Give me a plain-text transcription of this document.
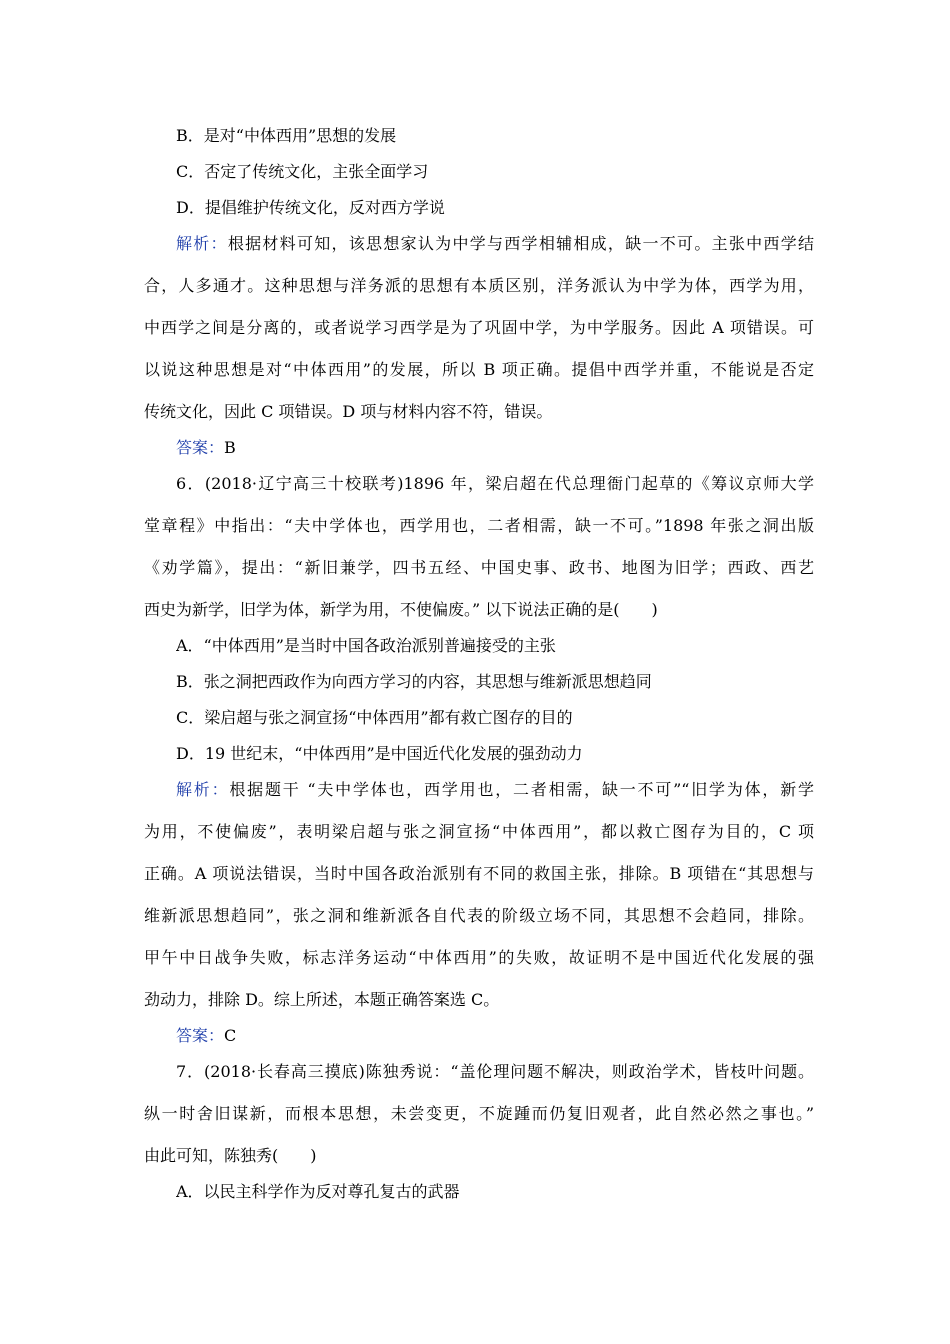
B．是对“中体西用”思想的发展
C．否定了传统文化，主张全面学习
D．提倡维护传统文化，反对西方学说
解析：根据材料可知，该思想家认为中学与西学相辅相成，缺一不可。主张中西学结
合，人多通才。这种思想与洋务派的思想有本质区别，洋务派认为中学为体，西学为用，
中西学之间是分离的，或者说学习西学是为了巩固中学，为中学服务。因此 A 项错误。可
以说这种思想是对“中体西用”的发展，所以 B 项正确。提倡中西学并重，不能说是否定
传统文化，因此 C 项错误。D 项与材料内容不符，错误。
答案：B
6．(2018·辽宁高三十校联考)1896 年，梁启超在代总理衙门起草的《筹议京师大学
堂章程》中指出：“夫中学体也，西学用也，二者相需，缺一不可。”1898 年张之洞出版
《劝学篇》，提出：“新旧兼学，四书五经、中国史事、政书、地图为旧学；西政、西艺
西史为新学，旧学为体，新学为用，不使偏废。” 以下说法正确的是(　　)
A．“中体西用”是当时中国各政治派别普遍接受的主张
B．张之洞把西政作为向西方学习的内容，其思想与维新派思想趋同
C．梁启超与张之洞宣扬“中体西用”都有救亡图存的目的
D．19 世纪末，“中体西用”是中国近代化发展的强劲动力
解析：根据题干 “夫中学体也，西学用也，二者相需，缺一不可”“旧学为体，新学
为用，不使偏废”，表明梁启超与张之洞宣扬“中体西用”，都以救亡图存为目的，C 项
正确。A 项说法错误，当时中国各政治派别有不同的救国主张，排除。B 项错在“其思想与
维新派思想趋同”，张之洞和维新派各自代表的阶级立场不同，其思想不会趋同，排除。
甲午中日战争失败，标志洋务运动“中体西用”的失败，故证明不是中国近代化发展的强
劲动力，排除 D。综上所述，本题正确答案选 C。
答案：C
7．(2018·长春高三摸底)陈独秀说：“盖伦理问题不解决，则政治学术，皆枝叶问题。
纵一时舍旧谋新，而根本思想，未尝变更，不旋踵而仍复旧观者，此自然必然之事也。”
由此可知，陈独秀(　　)
A．以民主科学作为反对尊孔复古的武器
